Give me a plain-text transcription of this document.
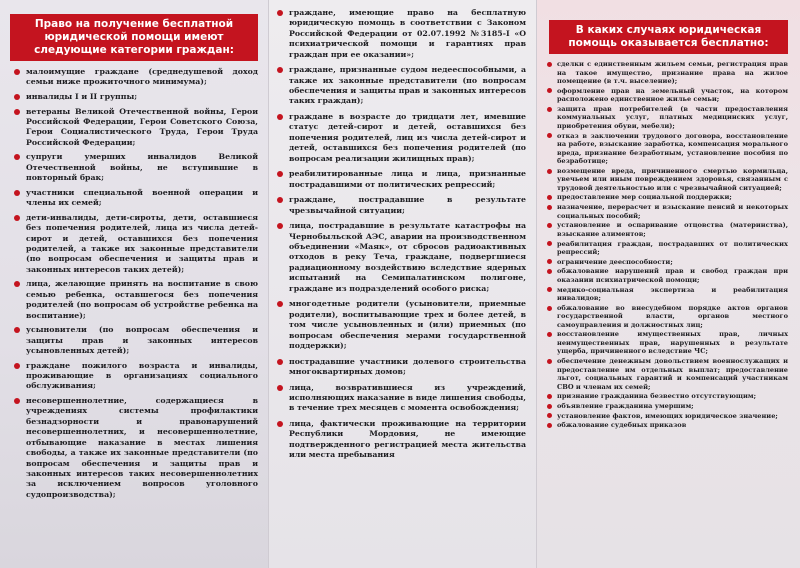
Право на получение бесплатной юридической помощи имеют следующие категории граждан:
малоимущие граждане (среднедушевой доход семьи ниже прожиточного минимума);
инвалиды I и II группы;
ветераны Великой Отечественной войны, Герои Российской Федерации, Герои Советского Союза, Герои Социалистического Труда, Герои Труда Российской Федерации;
супруги умерших инвалидов Великой Отечественной войны, не вступившие в повторный брак;
участники специальной военной операции и члены их семей;
дети-инвалиды, дети-сироты, дети, оставшиеся без попечения родителей, лица из числа детей-сирот и детей, оставшихся без попечения родителей, а также их законные представители (по вопросам обеспечения и защиты прав и законных интересов таких детей);
лица, желающие принять на воспитание в свою семью ребенка, оставшегося без попечения родителей (по вопросам об устройстве ребенка на воспитание);
усыновители (по вопросам обеспечения и защиты прав и законных интересов усыновленных детей);
граждане пожилого возраста и инвалиды, проживающие в организациях социального обслуживания;
несовершеннолетние, содержащиеся в учреждениях системы профилактики безнадзорности и правонарушений несовершеннолетних, и несовершеннолетние, отбывающие наказание в местах лишения свободы, а также их законные представители (по вопросам обеспечения и защиты прав и законных интересов таких несовершеннолетних за исключением вопросов уголовного судопроизводства);
граждане, имеющие право на бесплатную юридическую помощь в соответствии с Законом Российской Федерации от 02.07.1992 №3185-I «О психиатрической помощи и гарантиях прав граждан при ее оказании»;
граждане, признанные судом недееспособными, а также их законные представители (по вопросам обеспечения и защиты прав и законных интересов таких граждан);
граждане в возрасте до тридцати лет, имевшие статус детей-сирот и детей, оставшихся без попечения родителей, лиц из числа детей-сирот и детей, оставшихся без попечения родителей (по вопросам реализации жилищных прав);
реабилитированные лица и лица, признанные пострадавшими от политических репрессий;
граждане, пострадавшие в результате чрезвычайной ситуации;
лица, пострадавшие в результате катастрофы на Чернобыльской АЭС, аварии на производственном объединении «Маяк», от сбросов радиоактивных отходов в реку Теча, граждане, подвергшиеся радиационному воздействию вследствие ядерных испытаний на Семипалатинском полигоне, граждане из подразделений особого риска;
многодетные родители (усыновители, приемные родители), воспитывающие трех и более детей, в том числе усыновленных и (или) приемных (по вопросам обеспечения мерами государственной поддержки);
пострадавшие участники долевого строительства многоквартирных домов;
лица, возвратившиеся из учреждений, исполняющих наказание в виде лишения свободы, в течение трех месяцев с момента освобождения;
лица, фактически проживающие на территории Республики Мордовия, не имеющие подтвержденного регистрацией места жительства или места пребывания
В каких случаях юридическая помощь оказывается бесплатно:
сделки с единственным жильем семьи, регистрация прав на такое имущество, признание права на жилое помещение (в т.ч. выселение);
оформление прав на земельный участок, на котором расположено единственное жилье семьи;
защита прав потребителей (в части предоставления коммунальных услуг, платных медицинских услуг, приобретения обуви, мебели);
отказ в заключении трудового договора, восстановление на работе, взыскание заработка, компенсация морального вреда, признание безработным, установление пособия по безработице;
возмещение вреда, причиненного смертью кормильца, увечьем или иным повреждением здоровья, связанным с трудовой деятельностью или с чрезвычайной ситуацией;
предоставление мер социальной поддержки;
назначение, перерасчет и взыскание пенсий и некоторых социальных пособий;
установление и оспаривание отцовства (материнства), взыскание алиментов;
реабилитация граждан, пострадавших от политических репрессий;
ограничение дееспособности;
обжалование нарушений прав и свобод граждан при оказании психиатрической помощи;
медико-социальная экспертиза и реабилитация инвалидов;
обжалование во внесудебном порядке актов органов государственной власти, органов местного самоуправления и должностных лиц;
восстановление имущественных прав, личных неимущественных прав, нарушенных в результате ущерба, причиненного вследствие ЧС;
обеспечение денежным довольствием военнослужащих и предоставление им отдельных выплат; предоставление льгот, социальных гарантий и компенсаций участникам СВО и членам их семей;
признание гражданина безвестно отсутствующим;
объявление гражданина умершим;
установление фактов, имеющих юридическое значение;
обжалование судебных приказов
